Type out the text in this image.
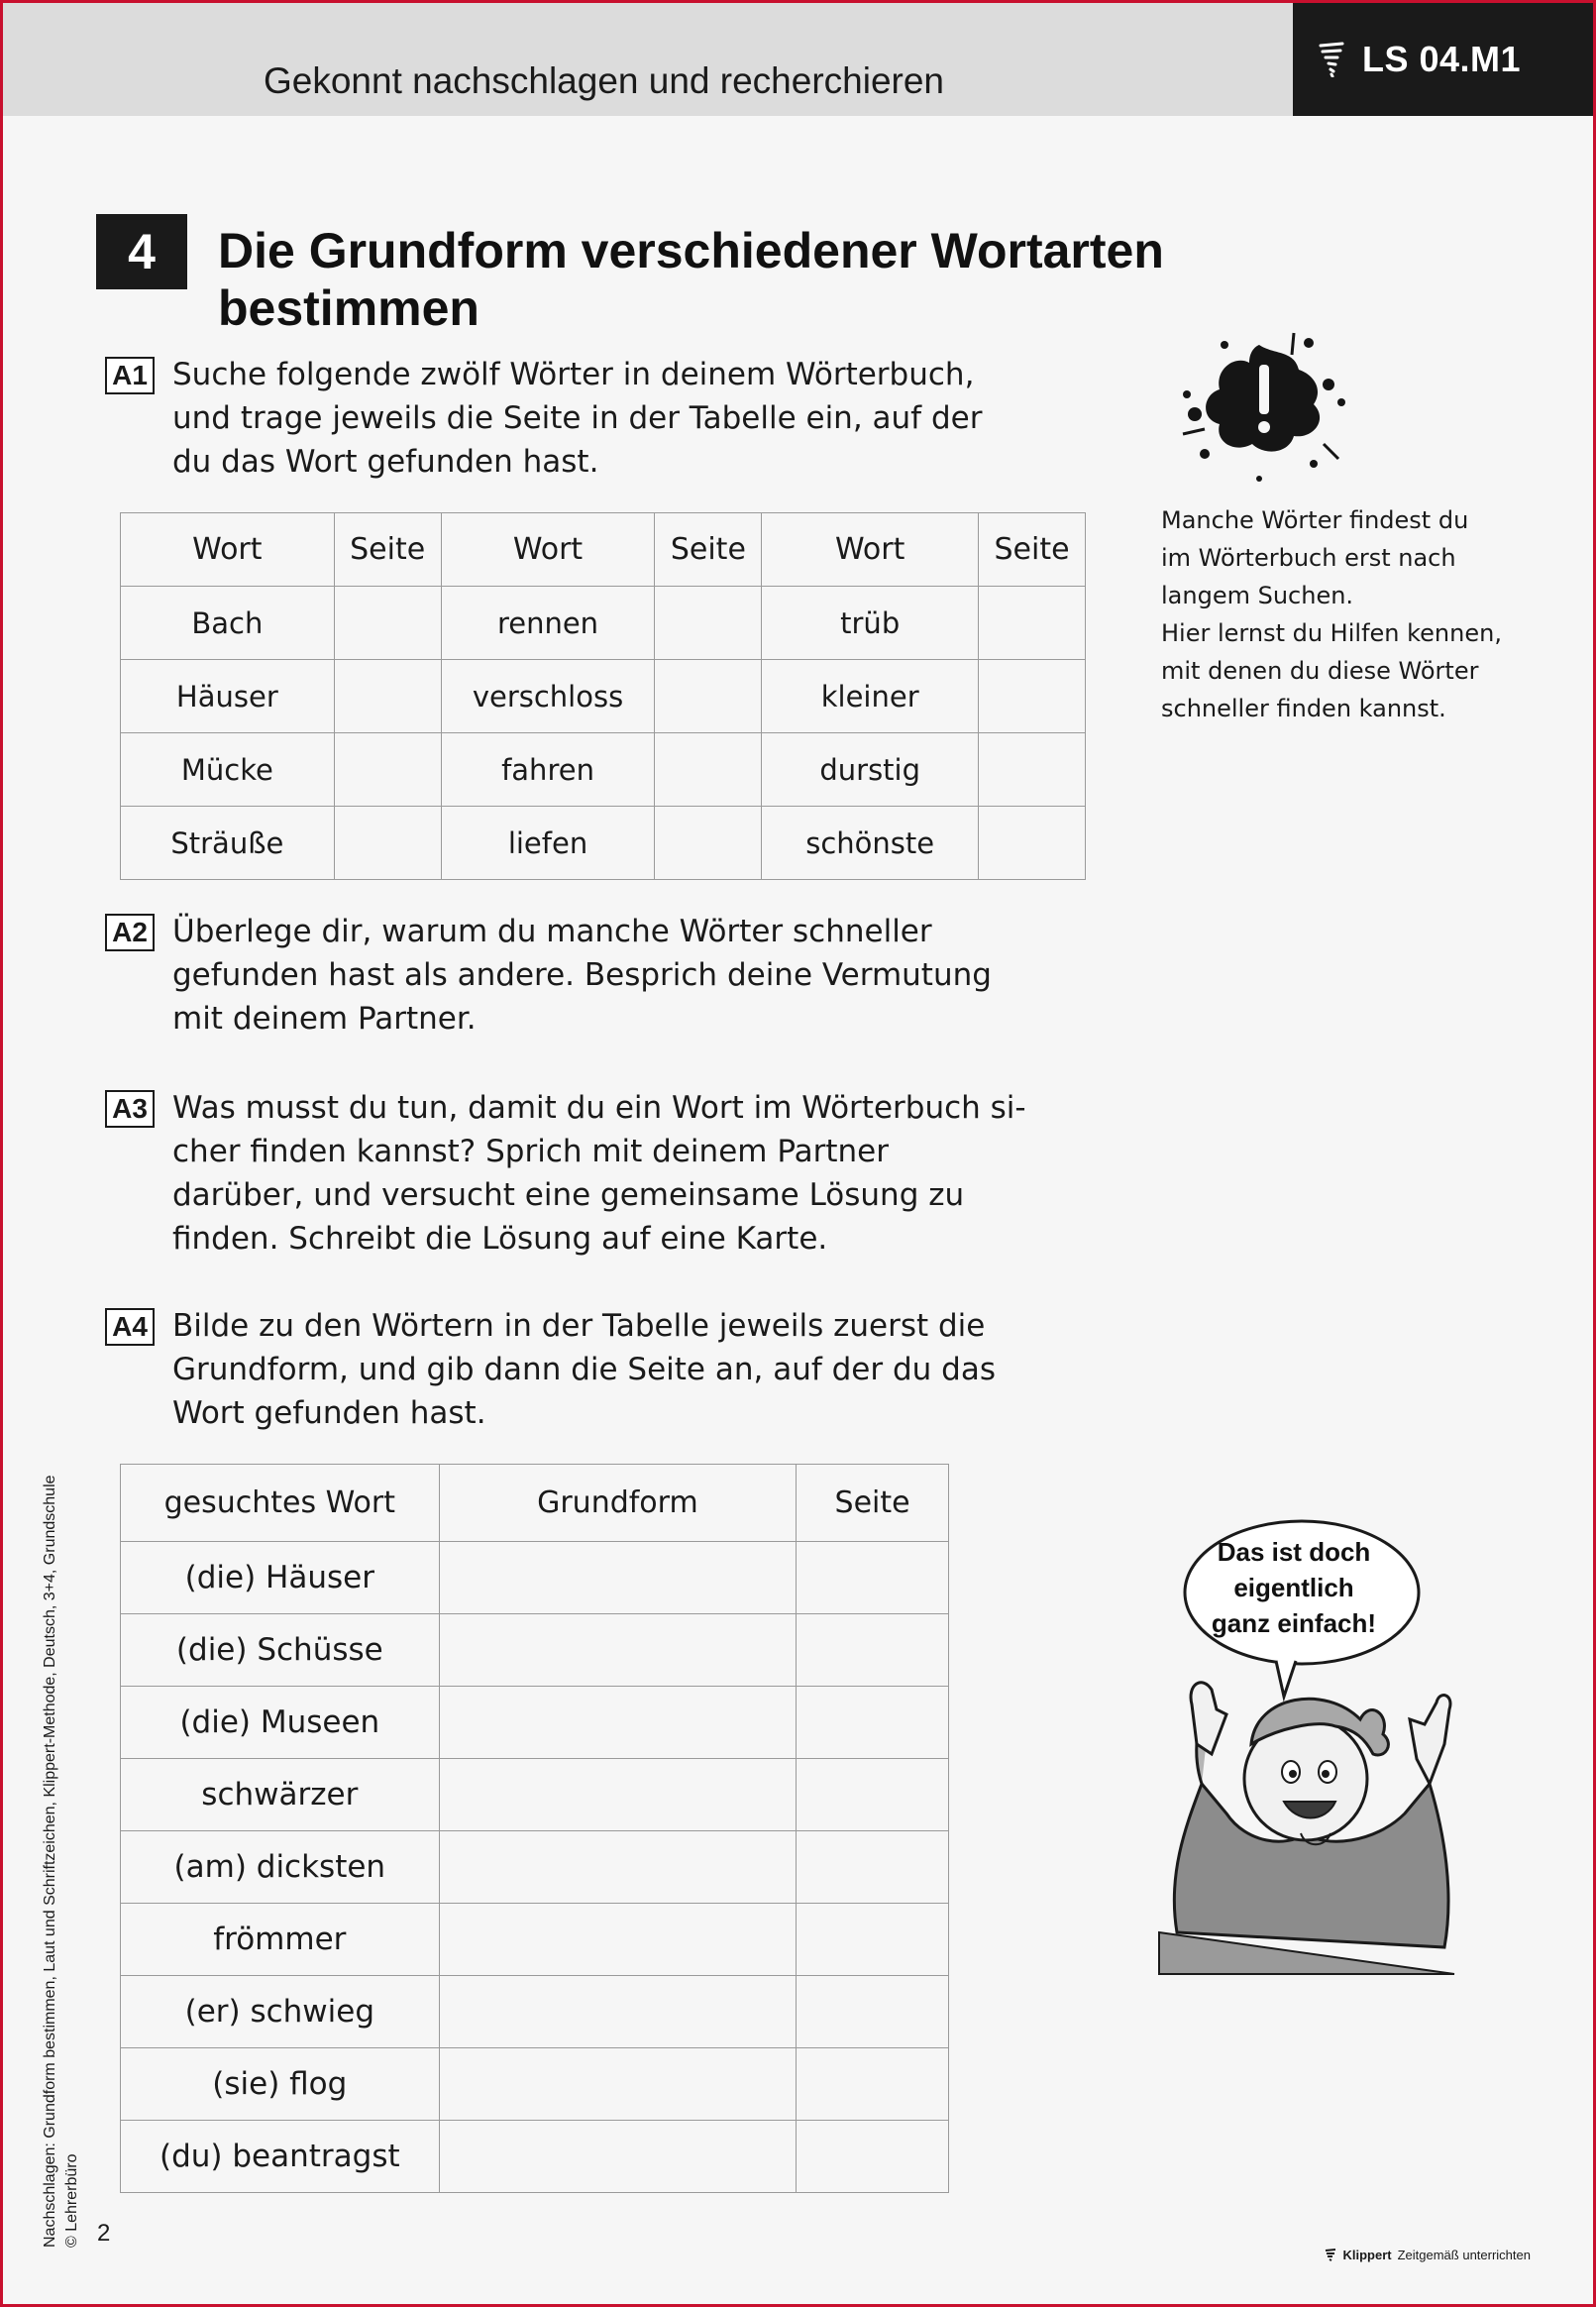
Gekonnt nachschlagen und recherchieren
LS 04.M1
4	Die Grundform verschiedener Wortarten
bestimmen
A1 Suche folgende zwölf Wörter in deinem Wörterbuch,
und trage jeweils die Seite in der Tabelle ein, auf der
du das Wort gefunden hast.
Wort	Seite	Wort	Seite	Wort	Seite
Bach		rennen		trüb	
Häuser		verschloss		kleiner	
Mücke		fahren		durstig	
Sträuße		liefen		schönste	
A2 Überlege dir, warum du manche Wörter schneller
gefunden hast als andere. Besprich deine Vermutung
mit deinem Partner.
A3 Was musst du tun, damit du ein Wort im Wörterbuch si-
cher finden kannst? Sprich mit deinem Partner
darüber, und versucht eine gemeinsame Lösung zu
finden. Schreibt die Lösung auf eine Karte.
A4 Bilde zu den Wörtern in der Tabelle jeweils zuerst die
Grundform, und gib dann die Seite an, auf der du das
Wort gefunden hast.
gesuchtes Wort	Grundform	Seite
(die) Häuser		
(die) Schüsse		
(die) Museen		
schwärzer		
(am) dicksten		
frömmer		
(er) schwieg		
(sie) flog		
(du) beantragst		
Manche Wörter findest du
im Wörterbuch erst nach
langem Suchen.
Hier lernst du Hilfen kennen,
mit denen du diese Wörter
schneller finden kannst.
Das ist doch
eigentlich
ganz einfach!
Nachschlagen: Grundform bestimmen, Laut und Schriftzeichen, Klippert-Methode, Deutsch, 3+4, Grundschule © Lehrerbüro 2
Klippert Zeitgemäß unterrichten
